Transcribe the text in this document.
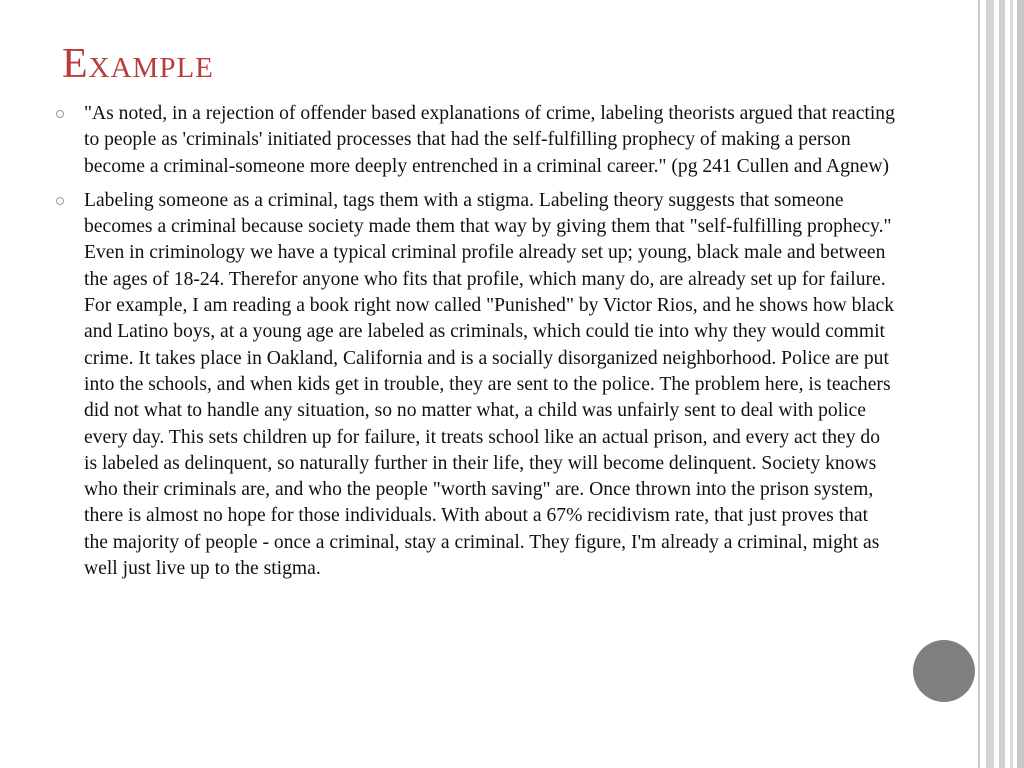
Example
"As noted, in a rejection of offender based explanations of crime, labeling theorists argued that reacting to people as 'criminals' initiated processes that had the self-fulfilling prophecy of making a person become a criminal-someone more deeply entrenched in a criminal career." (pg 241 Cullen and Agnew)
Labeling someone as a criminal, tags them with a stigma. Labeling theory suggests that someone becomes a criminal because society made them that way by giving them that "self-fulfilling prophecy." Even in criminology we have a typical criminal profile already set up; young, black male and between the ages of 18-24. Therefor anyone who fits that profile, which many do, are already set up for failure. For example, I am reading a book right now called "Punished" by Victor Rios, and he shows how black and Latino boys, at a young age are labeled as criminals, which could tie into why they would commit crime. It takes place in Oakland, California and is a socially disorganized neighborhood. Police are put into the schools, and when kids get in trouble, they are sent to the police. The problem here, is teachers did not what to handle any situation, so no matter what, a child was unfairly sent to deal with police every day. This sets children up for failure, it treats school like an actual prison, and every act they do is labeled as delinquent, so naturally further in their life, they will become delinquent. Society knows who their criminals are, and who the people "worth saving" are. Once thrown into the prison system, there is almost no hope for those individuals. With about a 67% recidivism rate, that just proves that the majority of people - once a criminal, stay a criminal. They figure, I'm already a criminal, might as well just live up to the stigma.
